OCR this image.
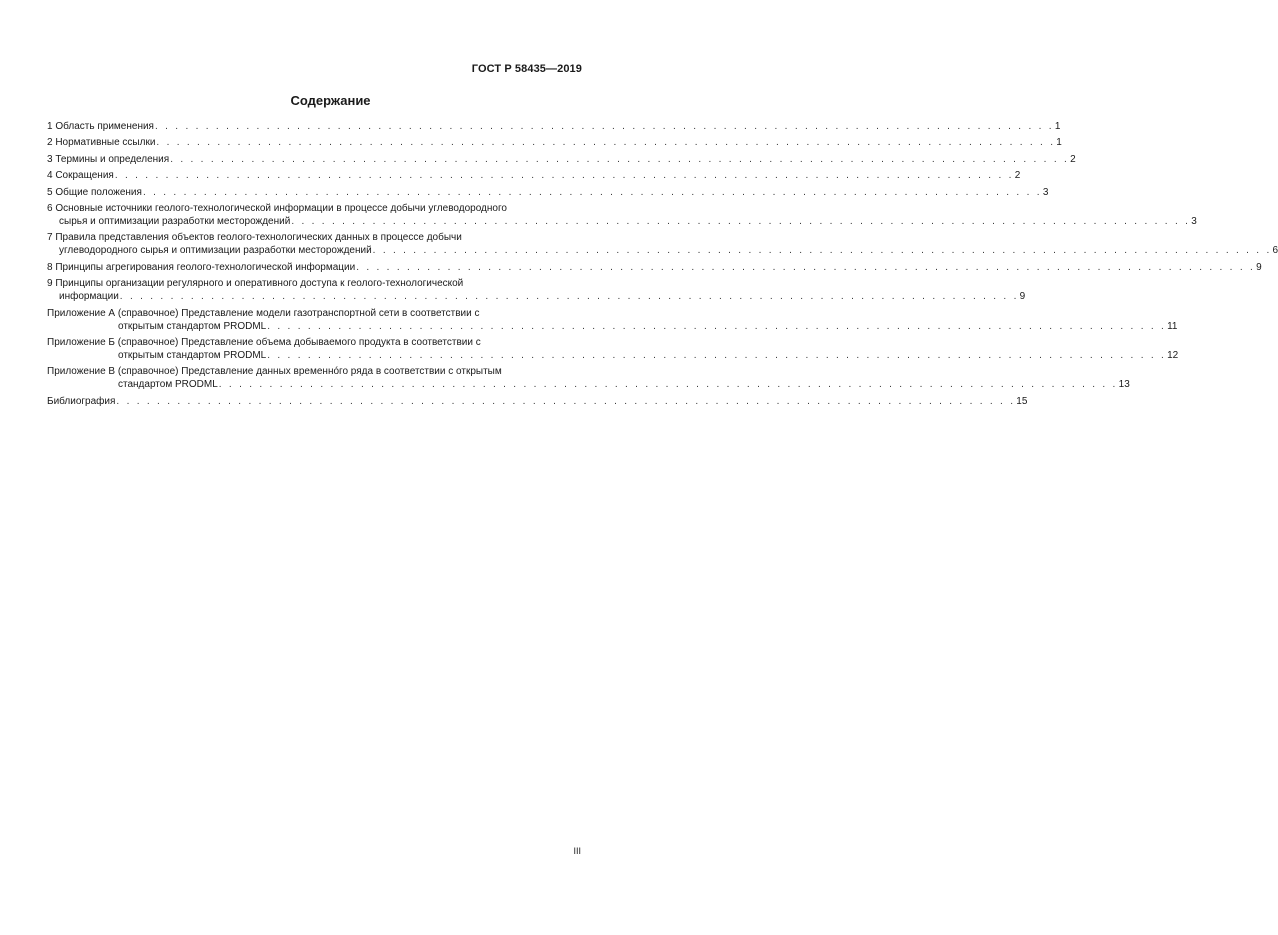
ГОСТ Р 58435—2019
Содержание
1 Область применения . . . . . . . . . . . . . . . . . . . . . . . . . . . . . . . . . . . . . . . . . . . . . . . . . . . . . . . . . . . . . . . . . . . . . . . . . . . . . . . . . . . . . . . . . 1
2 Нормативные ссылки . . . . . . . . . . . . . . . . . . . . . . . . . . . . . . . . . . . . . . . . . . . . . . . . . . . . . . . . . . . . . . . . . . . . . . . . . . . . . . . . . . . . . . . . . 1
3 Термины и определения . . . . . . . . . . . . . . . . . . . . . . . . . . . . . . . . . . . . . . . . . . . . . . . . . . . . . . . . . . . . . . . . . . . . . . . . . . . . . . . . . . . . . . . . . 2
4 Сокращения . . . . . . . . . . . . . . . . . . . . . . . . . . . . . . . . . . . . . . . . . . . . . . . . . . . . . . . . . . . . . . . . . . . . . . . . . . . . . . . . . . . . . . . . . 2
5 Общие положения . . . . . . . . . . . . . . . . . . . . . . . . . . . . . . . . . . . . . . . . . . . . . . . . . . . . . . . . . . . . . . . . . . . . . . . . . . . . . . . . . . . . . . . . . 3
6 Основные источники геолого-технологической информации в процессе добычи углеводородного
сырья и оптимизации разработки месторождений . . . . . . . . . . . . . . . . . . . . . . . . . . . . . . . . . . . . . . . . . . . . . . . . . . . . . . . . . . . . . . . . . . . . . . . . . . . . . . . . . . . . . . . . . 3
7 Правила представления объектов геолого-технологических данных в процессе добычи
углеводородного сырья и оптимизации разработки месторождений . . . . . . . . . . . . . . . . . . . . . . . . . . . . . . . . . . . . . . . . . . . . . . . . . . . . . . . . . . . . . . . . . . . . . . . . . . . . . . . . . . . . . . . . . 6
8 Принципы агрегирования геолого-технологической информации . . . . . . . . . . . . . . . . . . . . . . . . . . . . . . . . . . . . . . . . . . . . . . . . . . . . . . . . . . . . . . . . . . . . . . . . . . . . . . . . . . . . . . . . . 9
9 Принципы организации регулярного и оперативного доступа к геолого-технологической
информации . . . . . . . . . . . . . . . . . . . . . . . . . . . . . . . . . . . . . . . . . . . . . . . . . . . . . . . . . . . . . . . . . . . . . . . . . . . . . . . . . . . . . . . . . 9
Приложение А (справочное) Представление модели газотранспортной сети в соответствии с
открытым стандартом PRODML . . . . . . . . . . . . . . . . . . . . . . . . . . . . . . . . . . . . . . . . . . . . . . . . . . . . . . . . . . . . . . . . . . . . . . . . . . . . . . . . . . . . . . . . . 11
Приложение Б (справочное) Представление объема добываемого продукта в соответствии с
открытым стандартом PRODML . . . . . . . . . . . . . . . . . . . . . . . . . . . . . . . . . . . . . . . . . . . . . . . . . . . . . . . . . . . . . . . . . . . . . . . . . . . . . . . . . . . . . . . . . 12
Приложение В (справочное) Представление данных временнóго ряда в соответствии с открытым
стандартом PRODML . . . . . . . . . . . . . . . . . . . . . . . . . . . . . . . . . . . . . . . . . . . . . . . . . . . . . . . . . . . . . . . . . . . . . . . . . . . . . . . . . . . . . . . . . 13
Библиография . . . . . . . . . . . . . . . . . . . . . . . . . . . . . . . . . . . . . . . . . . . . . . . . . . . . . . . . . . . . . . . . . . . . . . . . . . . . . . . . . . . . . . . . . 15
III
